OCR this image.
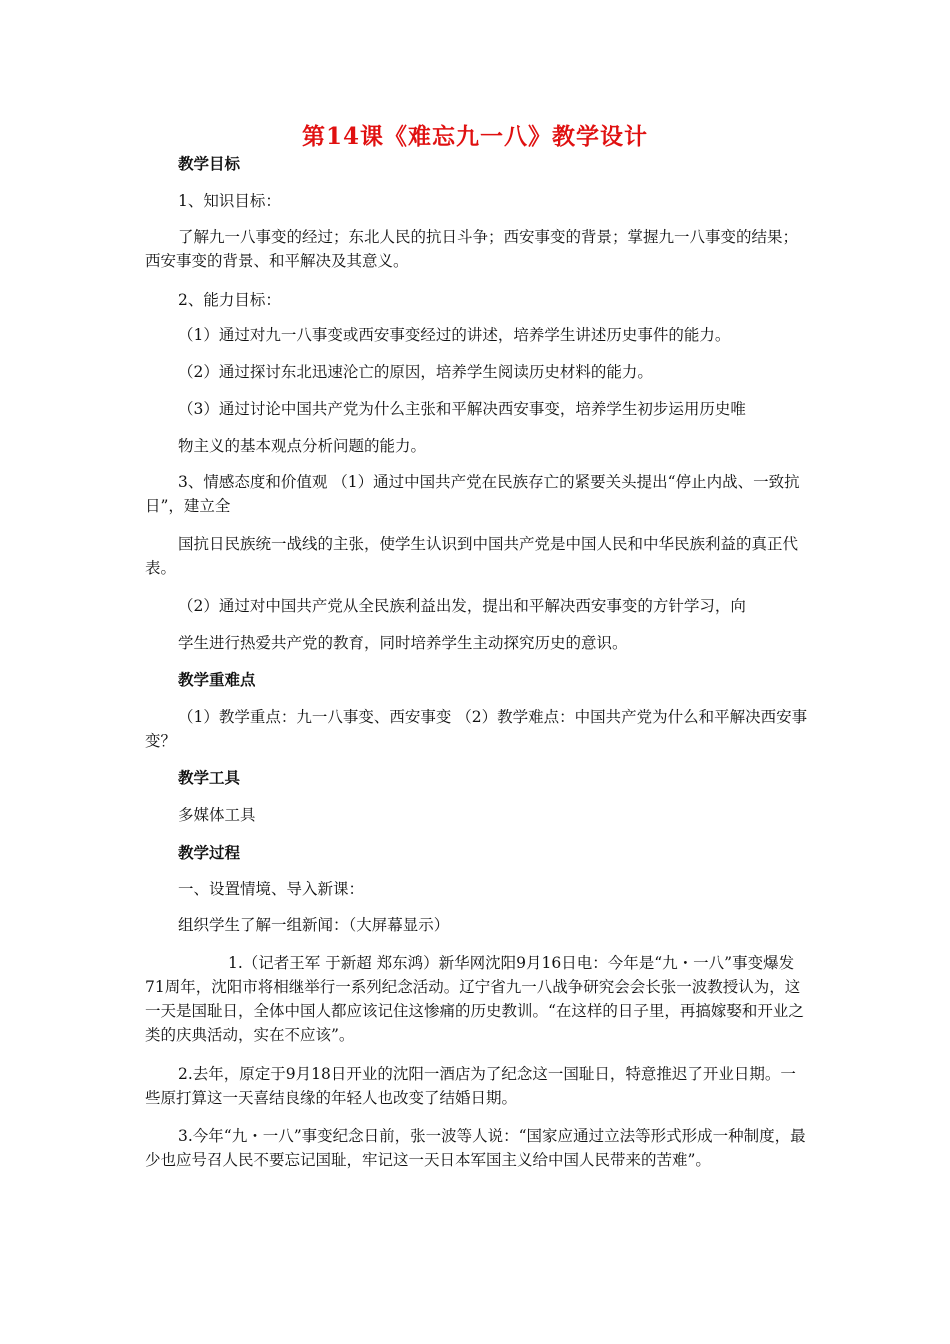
第14课《难忘九一八》教学设计
教学目标
1、知识目标：
了解九一八事变的经过；东北人民的抗日斗争；西安事变的背景；掌握九一八事变的结果；西安事变的背景、和平解决及其意义。
2、能力目标：
（1）通过对九一八事变或西安事变经过的讲述，培养学生讲述历史事件的能力。
（2）通过探讨东北迅速沦亡的原因，培养学生阅读历史材料的能力。
（3）通过讨论中国共产党为什么主张和平解决西安事变，培养学生初步运用历史唯
物主义的基本观点分析问题的能力。
3、情感态度和价值观 （1）通过中国共产党在民族存亡的紧要关头提出“停止内战、一致抗日”，建立全
国抗日民族统一战线的主张，使学生认识到中国共产党是中国人民和中华民族利益的真正代表。
（2）通过对中国共产党从全民族利益出发，提出和平解决西安事变的方针学习，向
学生进行热爱共产党的教育，同时培养学生主动探究历史的意识。
教学重难点
（1）教学重点：九一八事变、西安事变 （2）教学难点：中国共产党为什么和平解决西安事变？
教学工具
多媒体工具
教学过程
一、设置情境、导入新课：
组织学生了解一组新闻：（大屏幕显示）
1.（记者王军 于新超 郑东鸿）新华网沈阳9月16日电：今年是“九・一八”事变爆发71周年，沈阳市将相继举行一系列纪念活动。辽宁省九一八战争研究会会长张一波教授认为，这一天是国耻日，全体中国人都应该记住这惨痛的历史教训。“在这样的日子里，再搞嫁娶和开业之类的庆典活动，实在不应该”。
2.去年，原定于9月18日开业的沈阳一酒店为了纪念这一国耻日，特意推迟了开业日期。一些原打算这一天喜结良缘的年轻人也改变了结婚日期。
3.今年“九・一八”事变纪念日前，张一波等人说：“国家应通过立法等形式形成一种制度，最少也应号召人民不要忘记国耻，牢记这一天日本军国主义给中国人民带来的苦难”。
